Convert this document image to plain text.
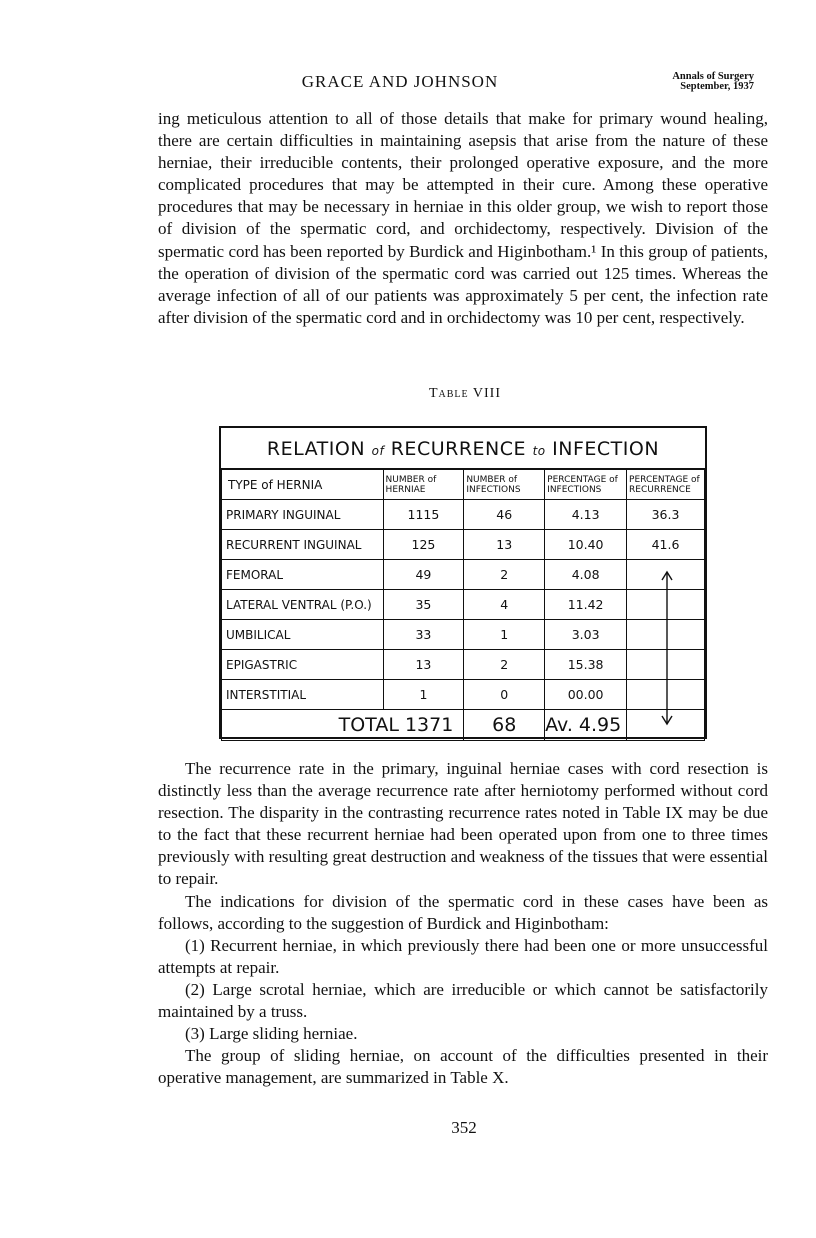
GRACE AND JOHNSON	Annals of Surgery
September, 1937

ing meticulous attention to all of those details that make for primary wound healing, there are certain difficulties in maintaining asepsis that arise from the nature of these herniae, their irreducible contents, their prolonged operative exposure, and the more complicated procedures that may be attempted in their cure. Among these operative procedures that may be necessary in herniae in this older group, we wish to report those of division of the spermatic cord, and orchidectomy, respectively. Division of the spermatic cord has been reported by Burdick and Higinbotham.¹ In this group of patients, the operation of division of the spermatic cord was carried out 125 times. Whereas the average infection of all of our patients was approximately 5 per cent, the infection rate after division of the spermatic cord and in orchidectomy was 10 per cent, respectively.

Table VIII
RELATION of RECURRENCE to INFECTION
TYPE of HERNIA	NUMBER of HERNIAE	NUMBER of INFECTIONS	PERCENTAGE of INFECTIONS	PERCENTAGE of RECURRENCE
PRIMARY INGUINAL	1115	46	4.13	36.3
RECURRENT INGUINAL	125	13	10.40	41.6
FEMORAL	49	2	4.08	
LATERAL VENTRAL (P.O.)	35	4	11.42	
UMBILICAL	33	1	3.03	
EPIGASTRIC	13	2	15.38	
INTERSTITIAL	1	0	00.00	
TOTAL 1371		68	Av. 4.95	

The recurrence rate in the primary, inguinal herniae cases with cord resection is distinctly less than the average recurrence rate after herniotomy performed without cord resection. The disparity in the contrasting recurrence rates noted in Table IX may be due to the fact that these recurrent herniae had been operated upon from one to three times previously with resulting great destruction and weakness of the tissues that were essential to repair.

The indications for division of the spermatic cord in these cases have been as follows, according to the suggestion of Burdick and Higinbotham:

(1) Recurrent herniae, in which previously there had been one or more unsuccessful attempts at repair.

(2) Large scrotal herniae, which are irreducible or which cannot be satisfactorily maintained by a truss.

(3) Large sliding herniae.

The group of sliding herniae, on account of the difficulties presented in their operative management, are summarized in Table X.

352
